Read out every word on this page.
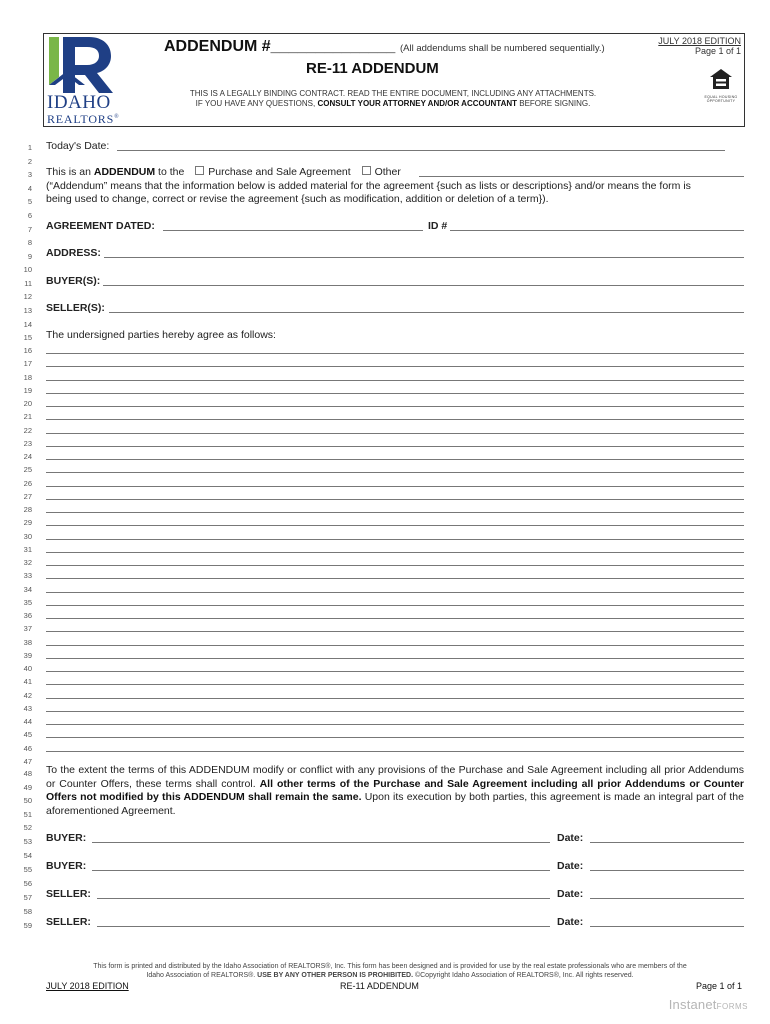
IDAHO
REALTORS®
ADDENDUM #______________ (All addendums shall be numbered sequentially.)
JULY 2018 EDITION
Page 1 of 1
RE-11 ADDENDUM
THIS IS A LEGALLY BINDING CONTRACT. READ THE ENTIRE DOCUMENT, INCLUDING ANY ATTACHMENTS.
IF YOU HAVE ANY QUESTIONS, CONSULT YOUR ATTORNEY AND/OR ACCOUNTANT BEFORE SIGNING.
EQUAL HOUSING
OPPORTUNITY
1
2
3
4
5
6
7
8
9
10
11
12
13
14
15
16
17
18
19
20
21
22
23
24
25
26
27
28
29
30
31
32
33
34
35
36
37
38
39
40
41
42
43
44
45
46
47
48
49
50
51
52
53
54
55
56
57
58
59
Today's Date:
This is an ADDENDUM to the Purchase and Sale Agreement Other
(“Addendum” means that the information below is added material for the agreement {such as lists or descriptions} and/or means the form is
being used to change, correct or revise the agreement {such as modification, addition or deletion of a term}).
AGREEMENT DATED:	ID #
ADDRESS:
BUYER(S):
SELLER(S):
The undersigned parties hereby agree as follows:
To the extent the terms of this ADDENDUM modify or conflict with any provisions of the Purchase and Sale Agreement including all prior Addendums or Counter Offers, these terms shall control. All other terms of the Purchase and Sale Agreement including all prior Addendums or Counter Offers not modified by this ADDENDUM shall remain the same. Upon its execution by both parties, this agreement is made an integral part of the aforementioned Agreement.
BUYER:	Date:
BUYER:	Date:
SELLER:	Date:
SELLER:	Date:
This form is printed and distributed by the Idaho Association of REALTORS®, Inc. This form has been designed and is provided for use by the real estate professionals who are members of the
Idaho Association of REALTORS®. USE BY ANY OTHER PERSON IS PROHIBITED. ©Copyright Idaho Association of REALTORS®, Inc. All rights reserved.
JULY 2018 EDITION	RE-11 ADDENDUM	Page 1 of 1
InstanetFORMS
